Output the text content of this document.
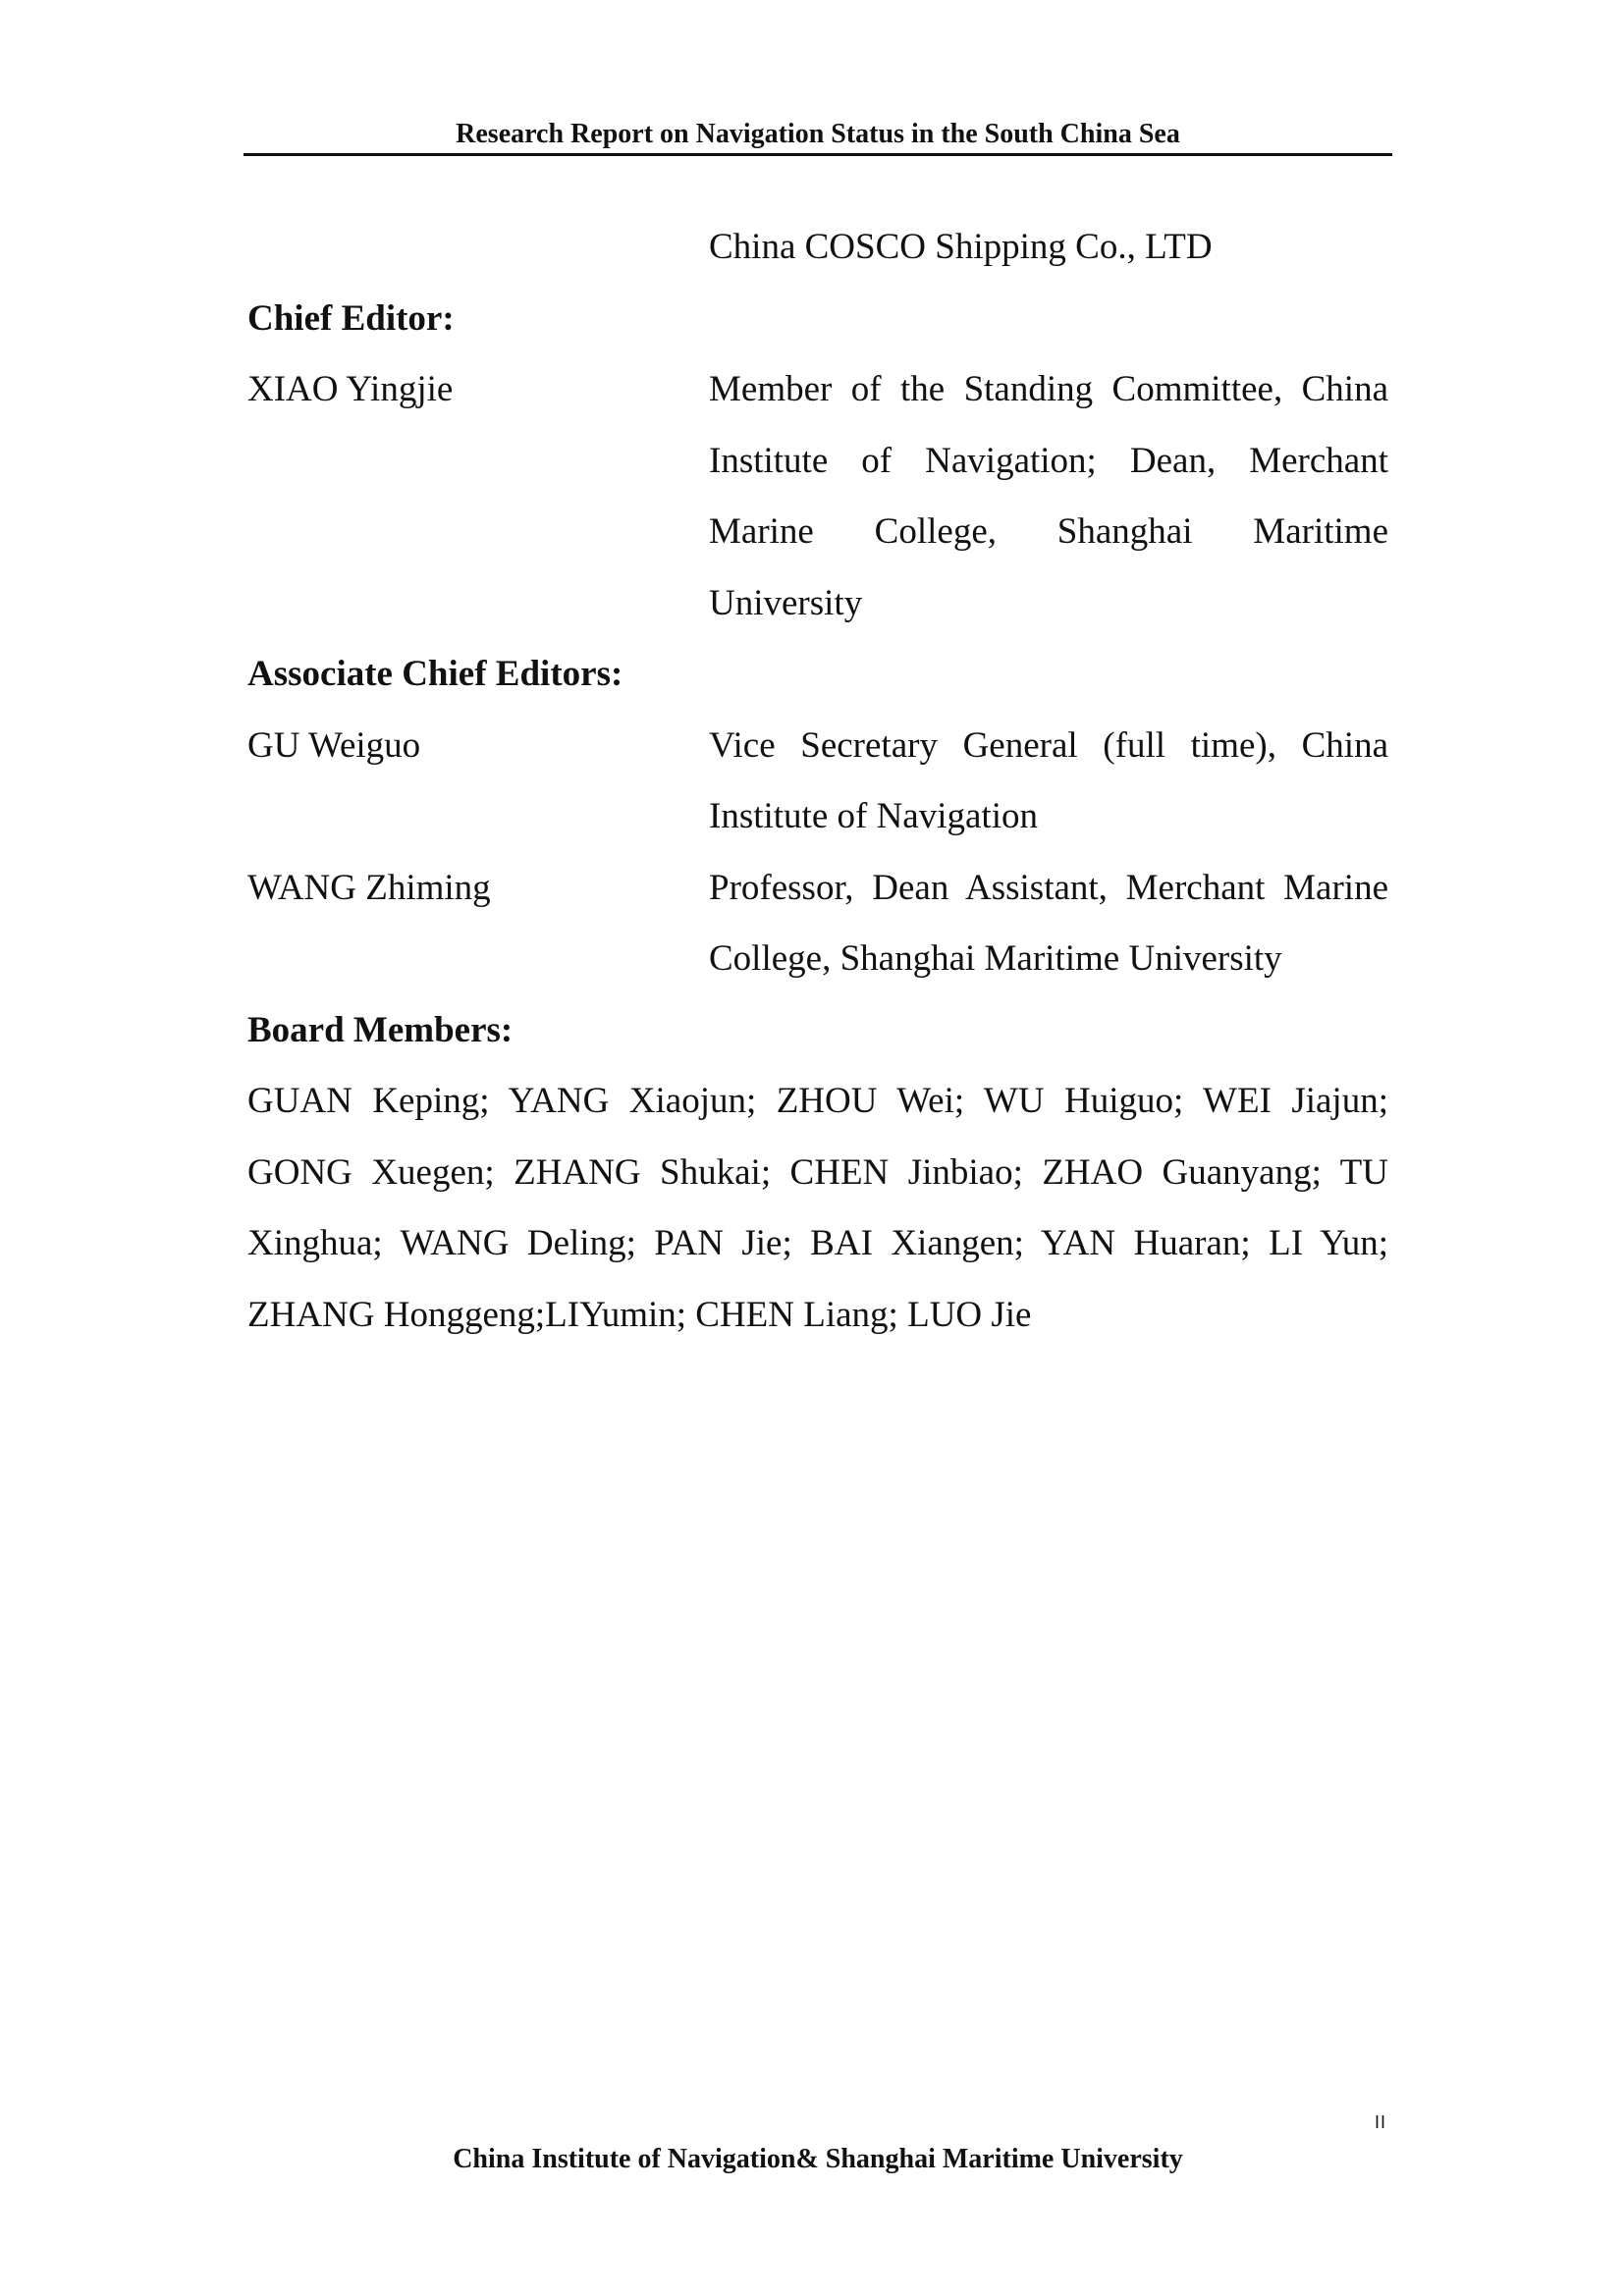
Research Report on Navigation Status in the South China Sea
China COSCO Shipping Co., LTD
Chief Editor:
XIAO Yingjie	Member of the Standing Committee, China Institute of Navigation; Dean, Merchant Marine College, Shanghai Maritime University
Associate Chief Editors:
GU Weiguo	Vice Secretary General (full time), China Institute of Navigation
WANG Zhiming	Professor, Dean Assistant, Merchant Marine College, Shanghai Maritime University
Board Members:
GUAN Keping; YANG Xiaojun; ZHOU Wei; WU Huiguo; WEI Jiajun; GONG Xuegen; ZHANG Shukai; CHEN Jinbiao; ZHAO Guanyang; TU Xinghua; WANG Deling; PAN Jie; BAI Xiangen; YAN Huaran; LI Yun; ZHANG Honggeng;LIYumin; CHEN Liang; LUO Jie
II
China Institute of Navigation& Shanghai Maritime University
